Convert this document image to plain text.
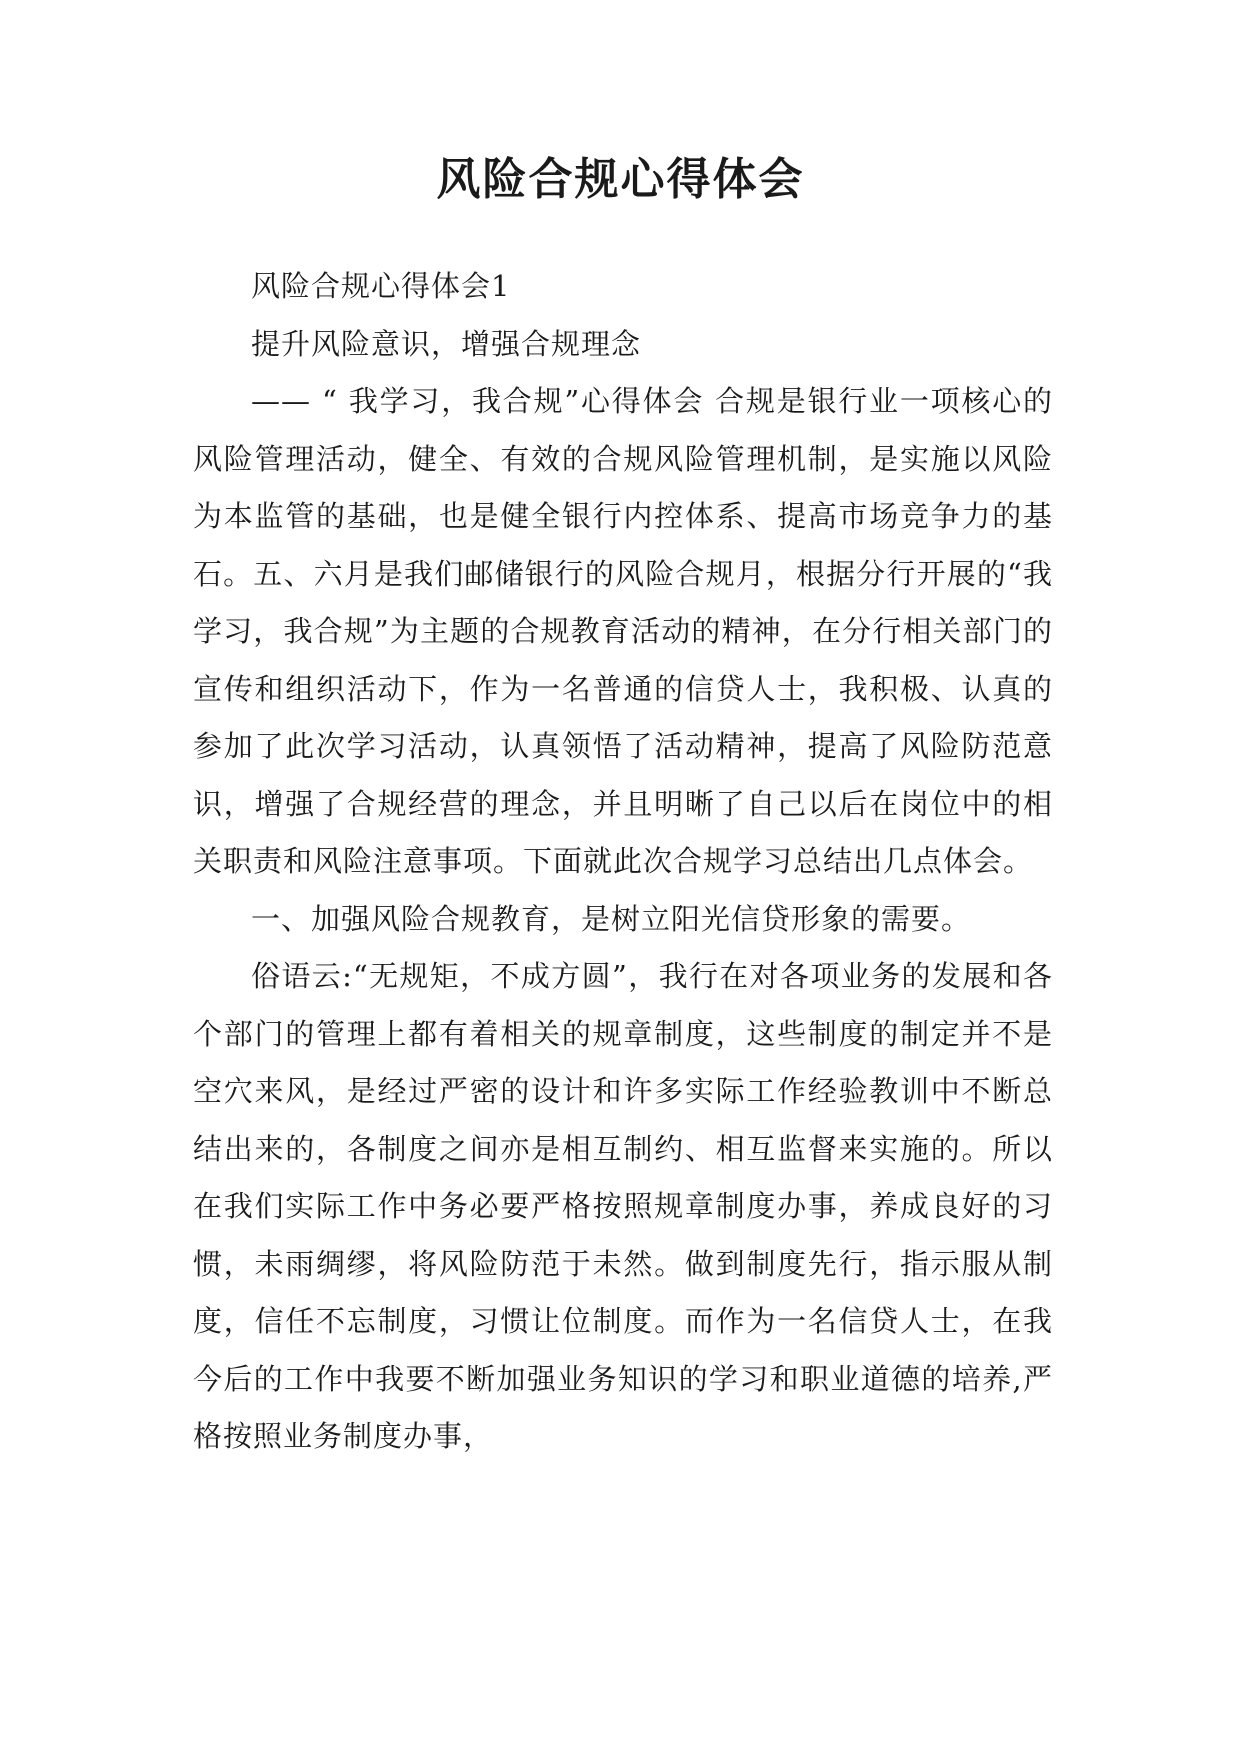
风险合规心得体会

风险合规心得体会1

提升风险意识，增强合规理念

—— “ 我学习，我合规”心得体会 合规是银行业一项核心的风险管理活动，健全、有效的合规风险管理机制，是实施以风险为本监管的基础，也是健全银行内控体系、提高市场竞争力的基石。五、六月是我们邮储银行的风险合规月，根据分行开展的“我学习，我合规”为主题的合规教育活动的精神，在分行相关部门的宣传和组织活动下，作为一名普通的信贷人士，我积极、认真的参加了此次学习活动，认真领悟了活动精神，提高了风险防范意识，增强了合规经营的理念，并且明晰了自己以后在岗位中的相关职责和风险注意事项。下面就此次合规学习总结出几点体会。

一、加强风险合规教育，是树立阳光信贷形象的需要。

俗语云:“无规矩，不成方圆”，我行在对各项业务的发展和各个部门的管理上都有着相关的规章制度，这些制度的制定并不是空穴来风，是经过严密的设计和许多实际工作经验教训中不断总结出来的，各制度之间亦是相互制约、相互监督来实施的。所以在我们实际工作中务必要严格按照规章制度办事，养成良好的习惯，未雨绸缪，将风险防范于未然。做到制度先行，指示服从制度，信任不忘制度，习惯让位制度。而作为一名信贷人士，在我今后的工作中我要不断加强业务知识的学习和职业道德的培养,严格按照业务制度办事，
